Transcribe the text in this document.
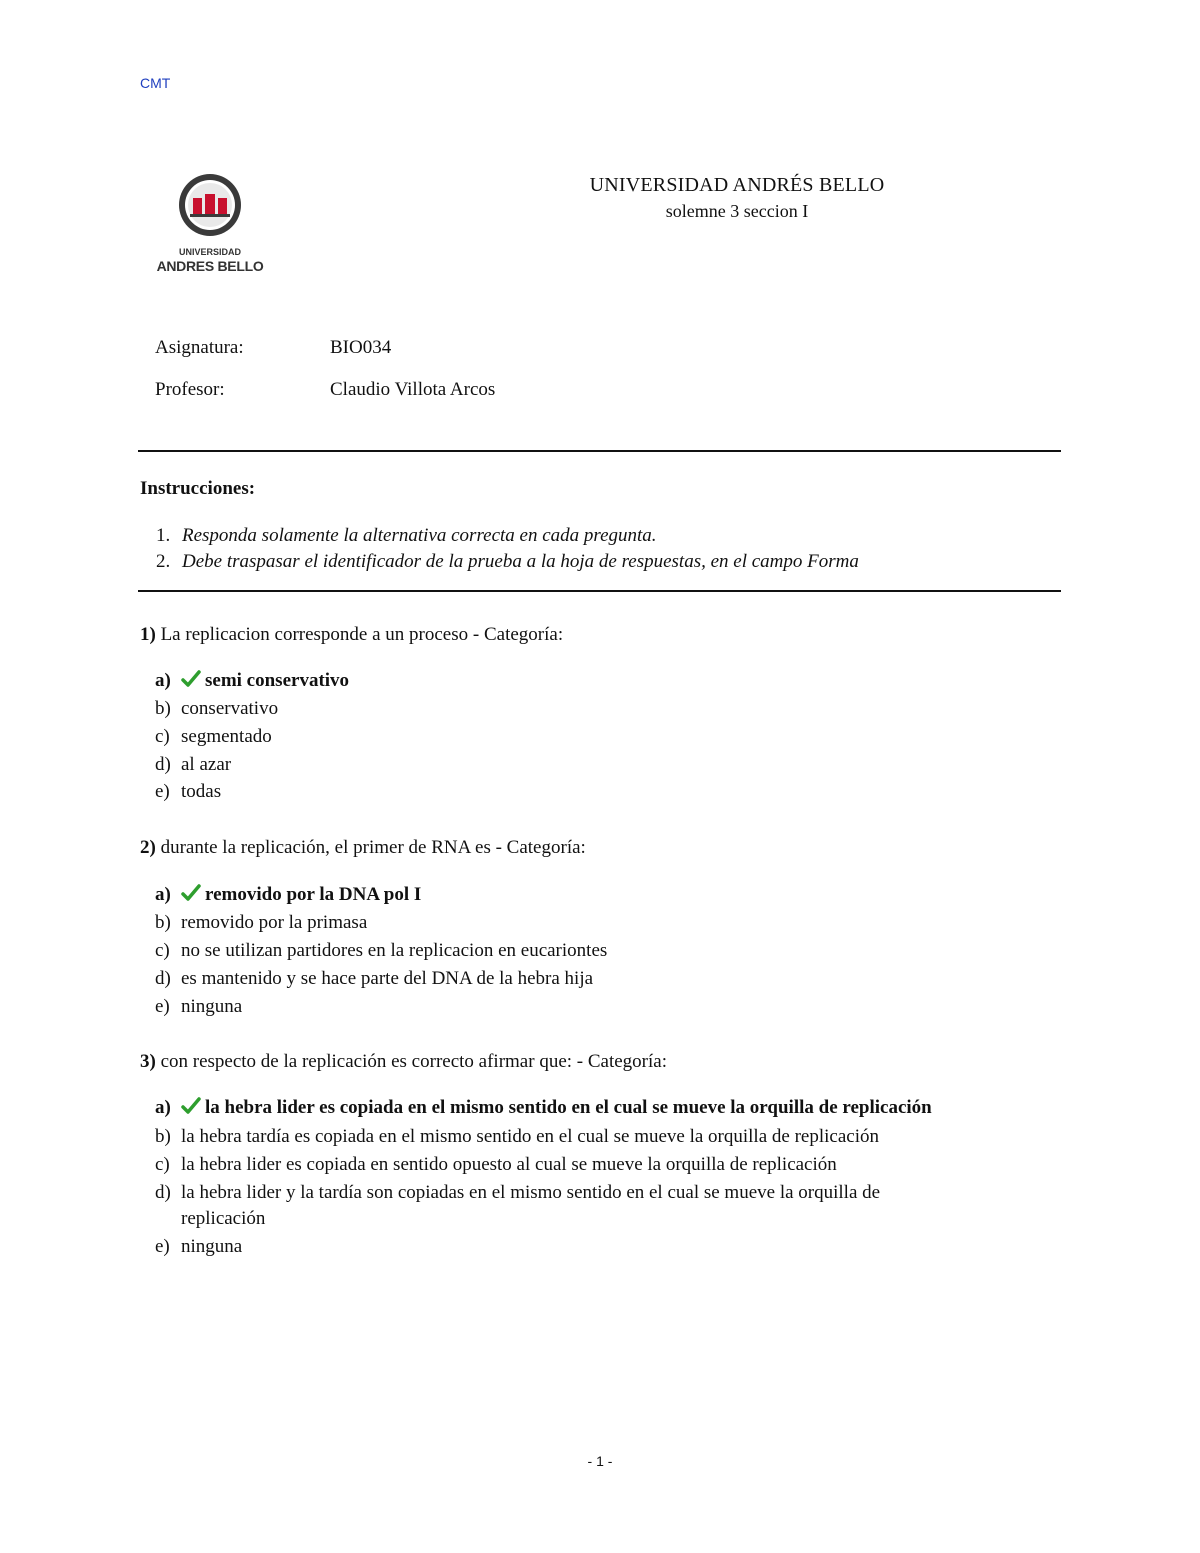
CMT
UNIVERSIDAD
ANDRES BELLO
UNIVERSIDAD ANDRÉS BELLO
solemne 3 seccion I
Asignatura:	BIO034
Profesor:	Claudio Villota Arcos
Instrucciones:
1. Responda solamente la alternativa correcta en cada pregunta.
2. Debe traspasar el identificador de la prueba a la hoja de respuestas, en el campo Forma
1) La replicacion corresponde a un proceso - Categoría:
a) semi conservativo
b) conservativo
c) segmentado
d) al azar
e) todas
2) durante la replicación, el primer de RNA es - Categoría:
a) removido por la DNA pol I
b) removido por la primasa
c) no se utilizan partidores en la replicacion en eucariontes
d) es mantenido y se hace parte del DNA de la hebra hija
e) ninguna
3) con respecto de la replicación es correcto afirmar que: - Categoría:
a) la hebra lider es copiada en el mismo sentido en el cual se mueve la orquilla de replicación
b) la hebra tardía es copiada en el mismo sentido en el cual se mueve la orquilla de replicación
c) la hebra lider es copiada en sentido opuesto al cual se mueve la orquilla de replicación
d) la hebra lider y la tardía son copiadas en el mismo sentido en el cual se mueve la orquilla de
replicación
e) ninguna
- 1 -
